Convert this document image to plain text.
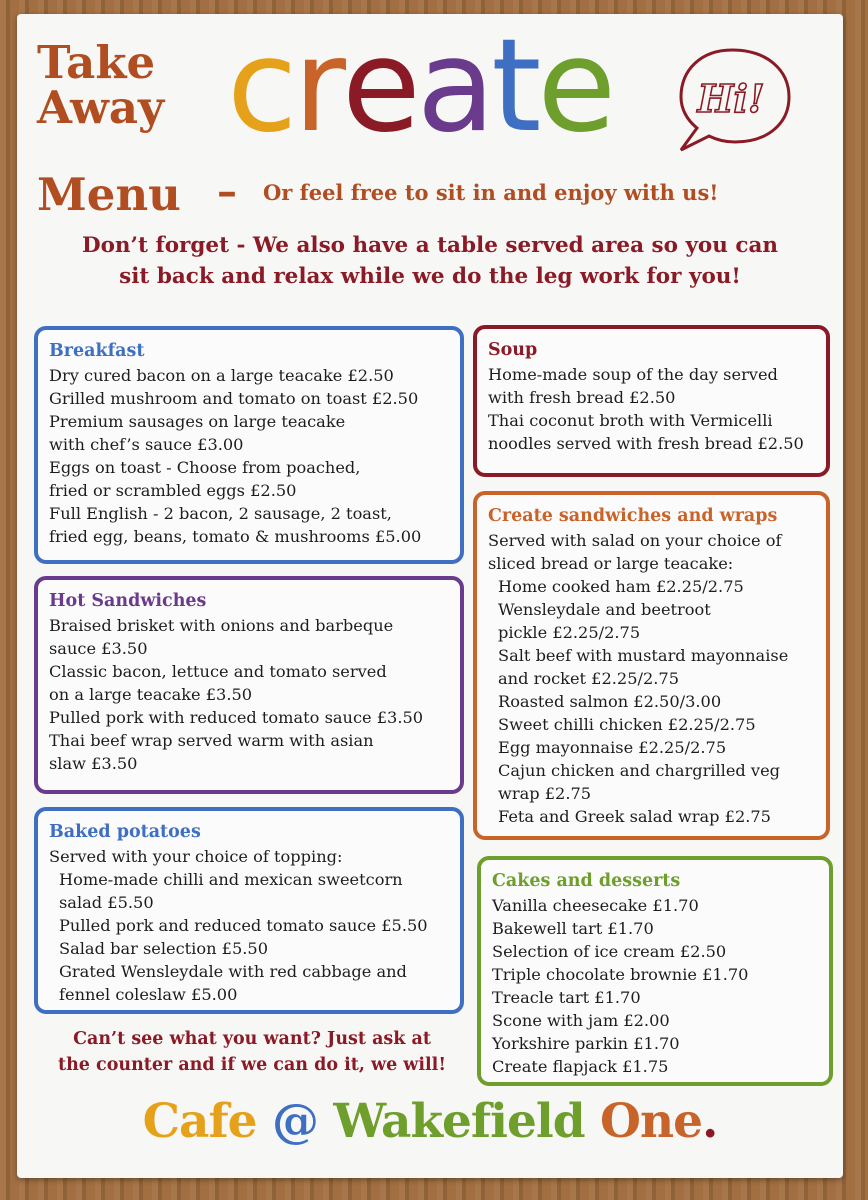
Take
Away
Menu – Or feel free to sit in and enjoy with us!
create Hi!
Don’t forget - We also have a table served area so you can
sit back and relax while we do the leg work for you!
Breakfast
Dry cured bacon on a large teacake £2.50
Grilled mushroom and tomato on toast £2.50
Premium sausages on large teacake
with chef’s sauce £3.00
Eggs on toast - Choose from poached,
fried or scrambled eggs £2.50
Full English - 2 bacon, 2 sausage, 2 toast,
fried egg, beans, tomato & mushrooms £5.00
Hot Sandwiches
Braised brisket with onions and barbeque
sauce £3.50
Classic bacon, lettuce and tomato served
on a large teacake £3.50
Pulled pork with reduced tomato sauce £3.50
Thai beef wrap served warm with asian
slaw £3.50
Baked potatoes
Served with your choice of topping:
Home-made chilli and mexican sweetcorn
salad £5.50
Pulled pork and reduced tomato sauce £5.50
Salad bar selection £5.50
Grated Wensleydale with red cabbage and
fennel coleslaw £5.00
Soup
Home-made soup of the day served
with fresh bread £2.50
Thai coconut broth with Vermicelli
noodles served with fresh bread £2.50
Create sandwiches and wraps
Served with salad on your choice of
sliced bread or large teacake:
Home cooked ham £2.25/2.75
Wensleydale and beetroot
pickle £2.25/2.75
Salt beef with mustard mayonnaise
and rocket £2.25/2.75
Roasted salmon £2.50/3.00
Sweet chilli chicken £2.25/2.75
Egg mayonnaise £2.25/2.75
Cajun chicken and chargrilled veg
wrap £2.75
Feta and Greek salad wrap £2.75
Cakes and desserts
Vanilla cheesecake £1.70
Bakewell tart £1.70
Selection of ice cream £2.50
Triple chocolate brownie £1.70
Treacle tart £1.70
Scone with jam £2.00
Yorkshire parkin £1.70
Create flapjack £1.75
Can’t see what you want? Just ask at
the counter and if we can do it, we will!
Cafe @ Wakefield One.
